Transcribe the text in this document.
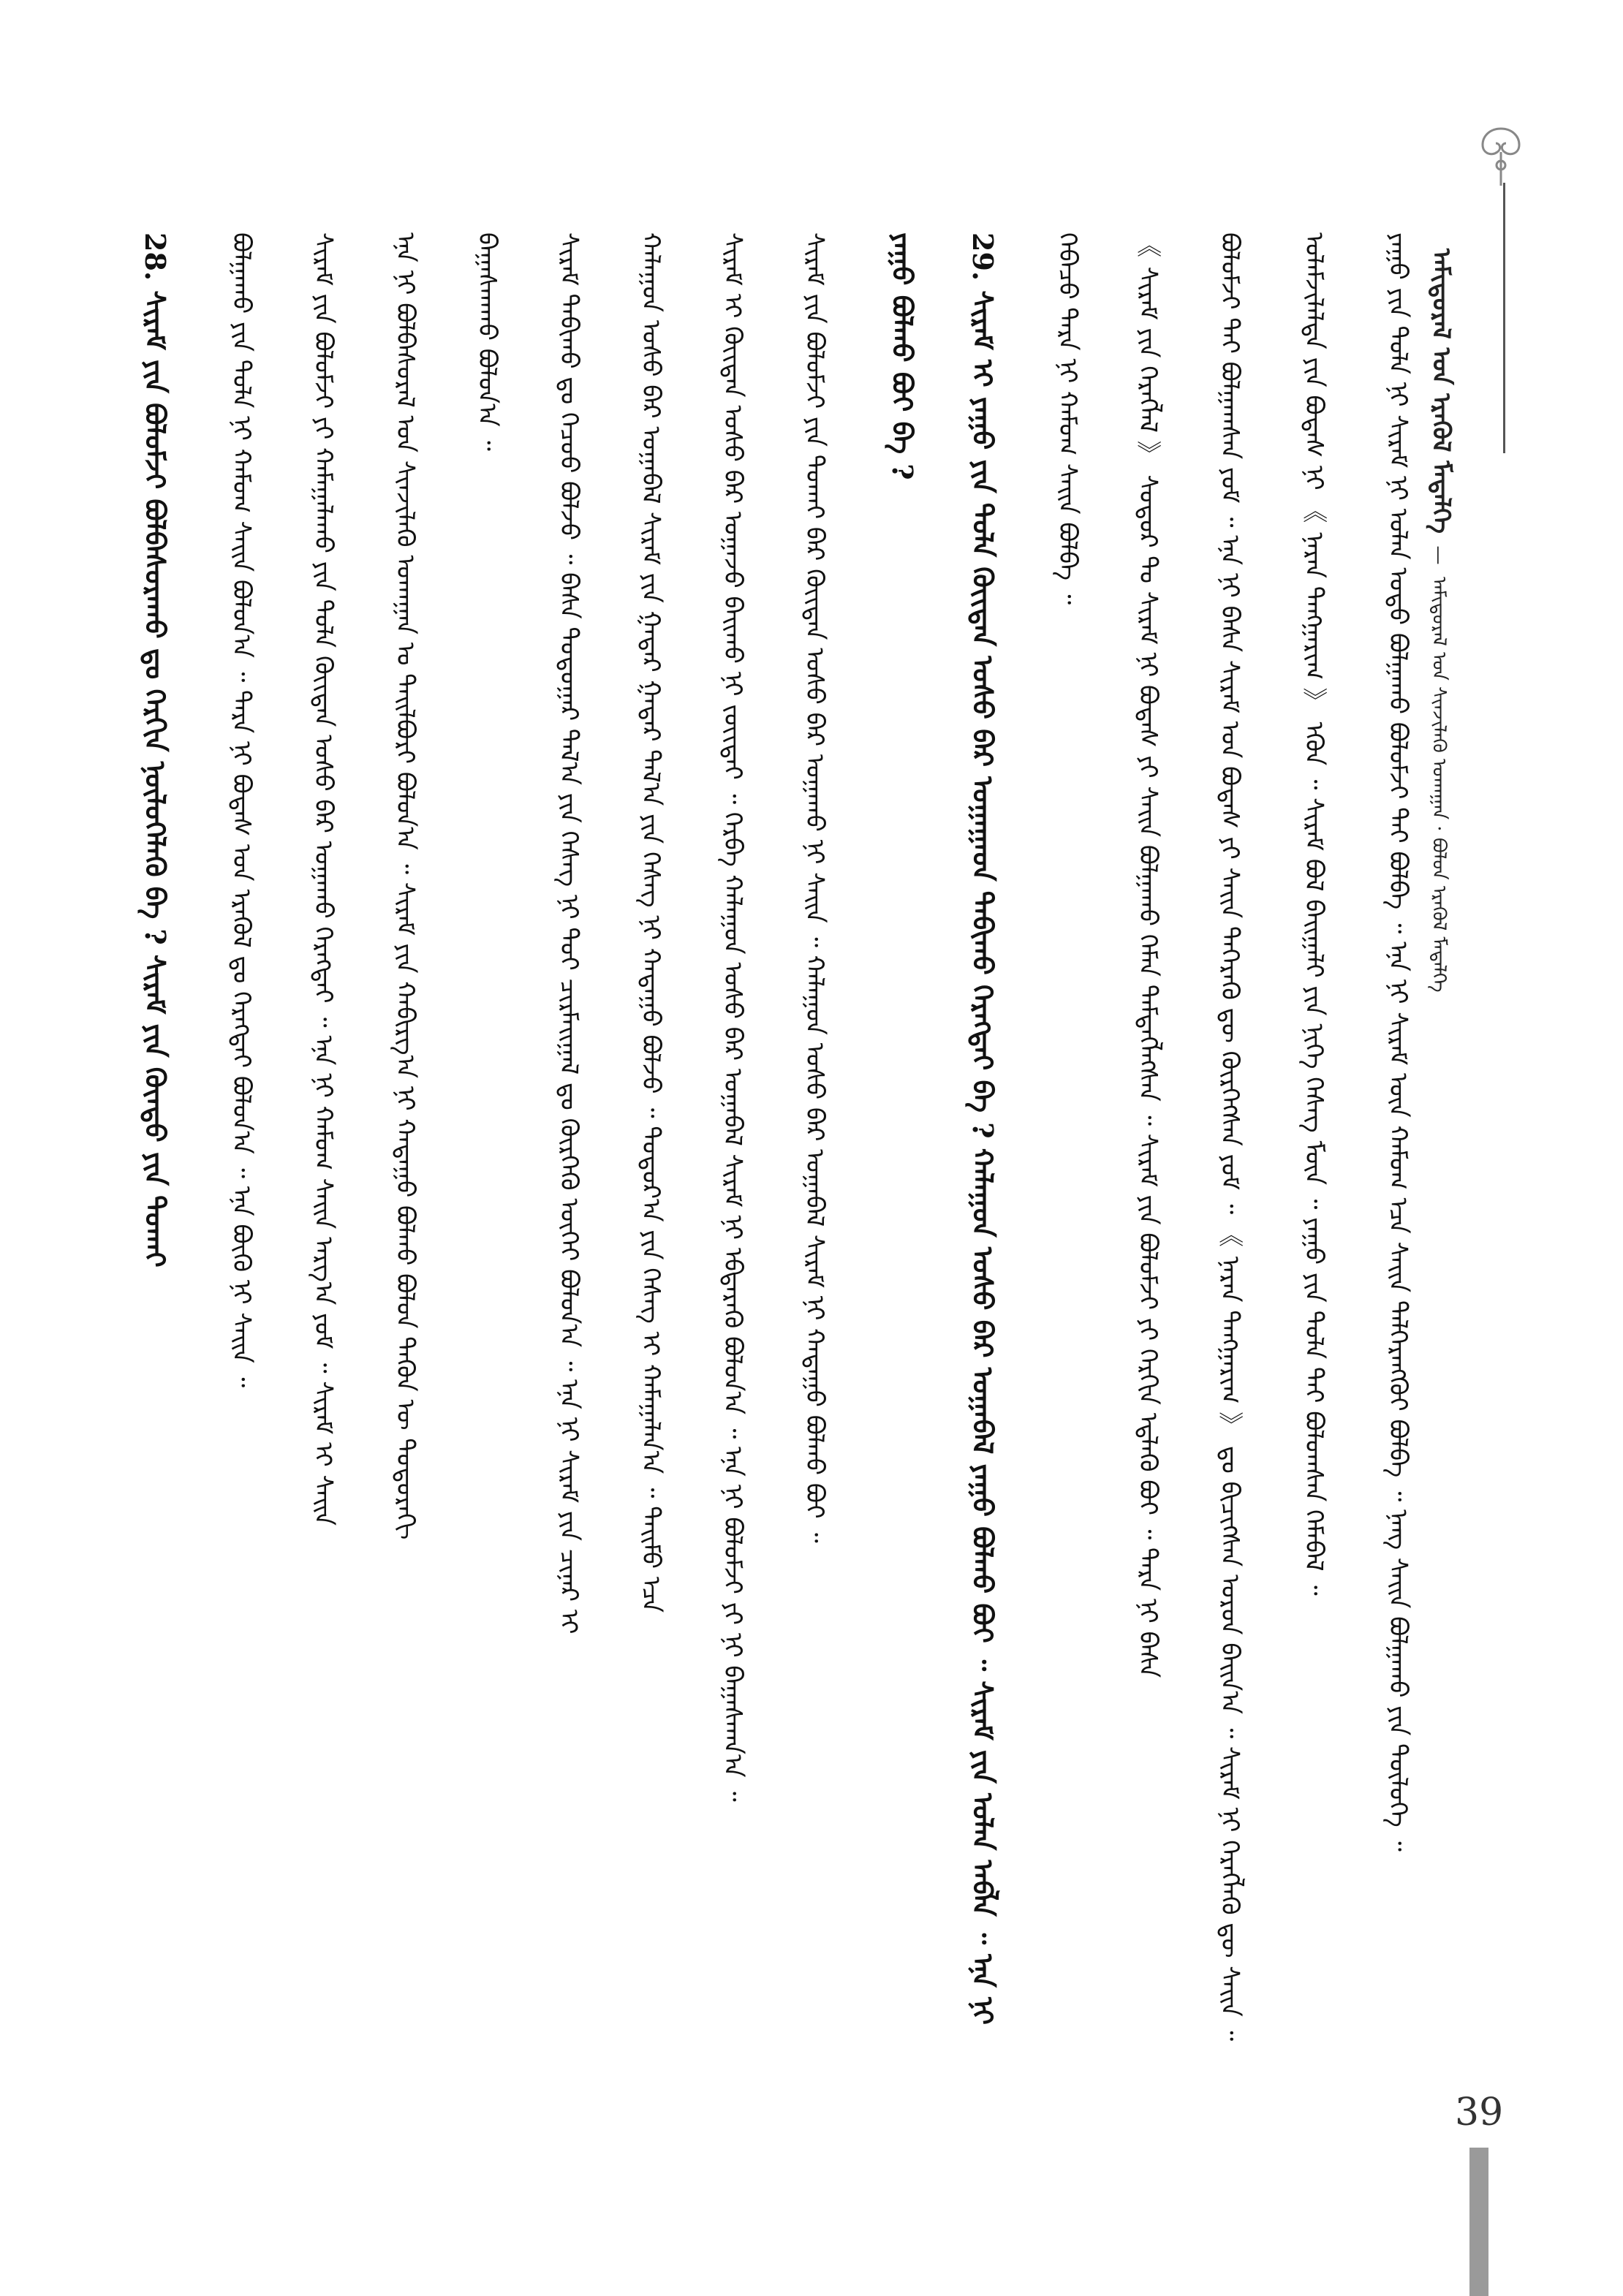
ᠠᠮᠢᠳᠤᠷᠠᠯ ᠤᠨ ᠡᠷᠡᠭᠦᠯ ᠮᠡᠳᠡᠯᠭᠡ  —  ᠠᠮᠢᠳᠤᠷᠠᠯ ᠤᠨ ᠰᠢᠨᠵᠢᠯᠡᠬᠦ ᠤᠬᠠᠭᠠᠨ · ᠪᠣᠯᠤᠨ ᠡᠷᠡᠭᠦᠯ ᠮᠡᠳᠡᠯᠭᠡ
ᠶᠠᠭᠤ ᠶᠢᠨ ᠲᠤᠯᠠ ᠨᠢ ᠰᠢᠷᠠᠮ ᠨᠢ ᠣᠯᠠᠨ ᠣᠳᠣ ᠪᠣᠯᠭᠠᠬᠤ ᠪᠣᠯᠤᠮᠵᠢ ᠲᠠᠢ ᠪᠣᠯᠪᠠ ᠃ ᠡᠨᠡ ᠨᠢ ᠰᠢᠷᠠᠮ ᠦᠨ ᠬᠠᠮᠤᠭ ᠡᠴᠡ ᠰᠠᠢᠨ ᠳᠡᠯᠭᠡᠷᠡᠩᠭᠦᠢ ᠪᠣᠯᠪᠠ ᠃ ᠨᠡᠩ ᠰᠠᠢᠨ ᠪᠣᠯᠭᠠᠬᠤ ᠶᠢᠨ ᠲᠥᠯᠥᠭᠡ ᠃
ᠤᠯᠠᠮᠵᠢᠯᠠᠯᠲᠠ ᠶᠢᠨ ᠪᠣᠳᠠᠰ ᠨᠢ 《 ᠨᠠᠷᠠᠨ ᠲᠠᠩᠭᠠᠷᠢᠭ 》 ᠡᠭᠦᠨ ᠃ ᠰᠢᠷᠠᠮ ᠪᠣᠯ ᠪᠠᠢᠭᠠᠯᠢ ᠶᠢᠨ ᠨᠢᠭᠡ ᠬᠡᠰᠡᠭ ᠮᠥᠨ ᠃ ᠶᠠᠭᠤ ᠶᠢᠨ ᠲᠤᠯᠠ ᠲᠡᠢ ᠪᠣᠯᠤᠭᠰᠠᠨ ᠬᠡᠮᠡᠪᠡᠯ ᠃
ᠪᠣᠯᠤᠮᠵᠢ ᠲᠡᠢ ᠪᠣᠯᠭᠠᠭᠰᠠᠨ ᠶᠤᠮ ᠃ ᠡᠨᠡ ᠨᠢ ᠪᠠᠰᠠ ᠰᠢᠷᠠᠮ ᠤᠨ ᠪᠣᠳᠠᠰ ᠶᠢ ᠰᠠᠢᠨ ᠳᠡᠭᠡᠷᠡᠬᠦ ᠳᠦ ᠬᠦᠷᠭᠡᠭᠰᠡᠨ ᠶᠤᠮ ᠃ 《 ᠨᠠᠷᠠᠨ ᠲᠠᠩᠭᠠᠷᠢᠭ 》 ᠳᠤ ᠪᠢᠴᠢᠭᠰᠡᠨ ᠣᠷᠣᠨ ᠪᠠᠢᠨ᠎ᠠ ᠃ ᠰᠢᠷᠠᠮ ᠨᠢ ᠬᠡᠷᠡᠭᠯᠡᠬᠦ ᠳᠦ ᠰᠠᠢᠨ ᠃
《 ᠰᠢᠷᠠᠮ ᠶᠢᠨ ᠬᠡᠷᠡᠭᠯᠡᠯ 》 ᠰᠣᠳᠤᠷ ᠲᠤ ᠰᠢᠷᠠᠮ ᠨᠢ ᠪᠣᠳᠠᠰ ᠶᠢ ᠰᠠᠢᠨ ᠪᠣᠯᠭᠠᠬᠤ ᠬᠡᠮᠡᠨ ᠲᠡᠮᠳᠡᠭᠯᠡᠭᠰᠡᠨ ᠃ ᠰᠢᠷᠠᠮ ᠶᠢᠨ ᠪᠣᠯᠤᠮᠵᠢ ᠶᠢ ᠬᠡᠷᠬᠢᠨ ᠡᠳ᠋ᠯᠡᠬᠦ ᠪᠣᠢ ᠃ ᠲᠡᠷᠡ ᠨᠢ ᠪᠠᠰᠠ
ᠭᠡᠪᠡᠴᠦ ᠲᠡᠷᠡ ᠨᠢ ᠬᠠᠮᠤᠭ ᠰᠠᠢᠨ ᠪᠣᠯᠪᠠ ᠃
29. ᠰᠢᠷᠠᠮ ᠢ ᠶᠠᠭᠤ ᠶᠢᠨ ᠲᠤᠯᠠ ᠬᠦᠢᠲᠡᠨ ᠤᠰᠤ ᠪᠠᠷ ᠤᠭᠠᠭᠠᠳ ᠲᠠᠪᠢᠬᠤ ᠬᠡᠷᠡᠭᠲᠡᠢ ᠪᠡ ? ᠬᠠᠯᠠᠭᠤᠨ ᠤᠰᠤ ᠪᠠᠷ ᠤᠭᠠᠪᠠᠯ ᠶᠠᠭᠤ ᠪᠣᠯᠬᠤ ᠪᠣᠢ ᠃ ᠰᠢᠷᠠᠮ ᠶᠢᠨ ᠣᠯᠠᠨ ᠠᠪᠯᠠ ᠃ ᠡᠨᠡ ᠨᠢ
ᠶᠠᠭᠤ ᠪᠣᠯᠬᠤ ᠪᠣᠢ ᠪᠡ ?
ᠰᠢᠷᠠᠮ ᠶᠢᠨ ᠪᠣᠯᠤᠮᠵᠢ ᠶᠢᠨ ᠲᠤᠬᠠᠢ ᠪᠠᠷ ᠬᠦᠢᠲᠡᠨ ᠤᠰᠤ ᠪᠠᠷ ᠤᠭᠠᠬᠤ ᠨᠢ ᠰᠠᠢᠨ ᠃ ᠬᠠᠯᠠᠭᠤᠨ ᠤᠰᠤ ᠪᠠᠷ ᠤᠭᠠᠪᠠᠯ ᠰᠢᠷᠠᠮ ᠨᠢ ᠬᠠᠲᠠᠭᠤ ᠪᠣᠯᠬᠤ ᠪᠣᠢ ᠃
ᠰᠢᠷᠠᠮ ᠢ ᠬᠦᠢᠲᠡᠨ ᠤᠰᠤ ᠪᠠᠷ ᠤᠭᠠᠵᠤ ᠪᠠᠢᠬᠤ ᠨᠢ ᠵᠦᠢᠲᠡᠢ ᠃ ᠬᠡᠷᠪᠡ ᠬᠠᠯᠠᠭᠤᠨ ᠤᠰᠤ ᠪᠠᠷ ᠤᠭᠠᠪᠠᠯ ᠰᠢᠷᠠᠮ ᠨᠢ ᠡᠪᠳᠡᠷᠡᠬᠦ ᠪᠣᠯᠤᠨ᠎ᠠ ᠃ ᠡᠨᠡ ᠨᠢ ᠪᠣᠯᠤᠮᠵᠢ ᠶᠢ ᠨᠢ ᠪᠠᠭᠠᠰᠭᠠᠨ᠎ᠠ ᠃
ᠬᠠᠯᠠᠭᠤᠨ ᠤᠰᠤ ᠪᠠᠷ ᠤᠭᠠᠪᠠᠯ ᠰᠢᠷᠠᠮ ᠶᠢᠨ ᠭᠠᠳᠠᠷ ᠭᠠᠳᠠᠷ ᠲᠠᠯ᠎ᠠ ᠶᠢᠨ ᠬᠡᠰᠡᠭ ᠨᠢ ᠬᠠᠲᠠᠭᠤ ᠪᠣᠯᠵᠤ ᠃ ᠳᠣᠲᠣᠷ᠎ᠠ ᠶᠢᠨ ᠬᠡᠰᠡᠭ ᠢ ᠬᠠᠮᠠᠭᠠᠯᠠᠨ᠎ᠠ ᠃ ᠲᠡᠢᠮᠦ ᠡᠴᠡ
ᠰᠢᠷᠠᠮ ᠲᠠᠪᠢᠬᠤ ᠳᠤ ᠬᠡᠴᠦᠦ ᠪᠣᠯᠵᠤ ᠃ ᠪᠠᠰᠠ ᠳᠤᠳᠤᠭᠠᠷ ᠲᠠᠯ᠎ᠠ ᠶᠢᠨ ᠬᠡᠰᠡᠭ ᠨᠢ ᠲᠤᠢ ᠴᠢᠷᠮᠠᠢᠭᠠᠯ ᠳᠤ ᠬᠦᠷᠭᠡᠬᠦ ᠦᠭᠡᠢ ᠪᠣᠯᠤᠨ᠎ᠠ ᠃ ᠡᠨᠡ ᠨᠢ ᠰᠢᠷᠠᠮ ᠶᠢᠨ ᠴᠢᠨᠠᠷ ᠢ
ᠪᠠᠭᠠᠰᠭᠠᠬᠤ ᠪᠣᠯᠤᠨ᠎ᠠ ᠃
ᠡᠨᠡ ᠨᠢ ᠪᠣᠯᠪᠠᠰᠤᠷᠠᠯ ᠤᠨ ᠰᠢᠨᠵᠢᠯᠡᠬᠦ ᠤᠬᠠᠭᠠᠨ ᠤ ᠲᠠᠢᠯᠪᠤᠷᠢ ᠪᠣᠯᠤᠨ᠎ᠠ ᠃ ᠰᠢᠷᠠᠮ ᠶᠢᠨ ᠬᠠᠪᠢᠷᠭ᠎ᠠ ᠨᠢ ᠬᠠᠲᠠᠭᠤ ᠪᠣᠯᠬᠤ ᠪᠣᠯᠤᠨ ᠲᠡᠭᠦᠨ ᠦ ᠳᠣᠲᠣᠷᠠᠬᠢ
ᠰᠢᠷᠠᠮ ᠶᠢᠨ ᠪᠣᠯᠤᠮᠵᠢ ᠶᠢ ᠬᠠᠮᠠᠭᠠᠯᠠᠬᠤ ᠶᠢᠨ ᠲᠤᠯᠠ ᠬᠦᠢᠲᠡᠨ ᠤᠰᠤ ᠪᠠᠷ ᠤᠭᠠᠬᠤ ᠬᠡᠷᠡᠭᠲᠡᠢ ᠃ ᠡᠨᠡ ᠨᠢ ᠬᠠᠮᠤᠭ ᠰᠠᠢᠨ ᠠᠷᠭ᠎ᠠ ᠶᠤᠮ ᠃ ᠰᠢᠷᠠᠮ ᠢ ᠰᠠᠢᠨ
ᠪᠣᠯᠭᠠᠬᠤ ᠶᠢᠨ ᠲᠤᠯᠠ ᠨᠢ ᠬᠠᠮᠤᠭ ᠰᠠᠢᠨ ᠪᠣᠯᠤᠨ᠎ᠠ ᠃ ᠲᠡᠷᠡ ᠨᠢ ᠪᠣᠳᠠᠰ ᠤᠨ ᠡᠷᠡᠭᠦᠯ ᠳᠤ ᠬᠡᠷᠡᠭᠲᠡᠢ ᠪᠣᠯᠤᠨ᠎ᠠ ᠃ ᠡᠨᠡ ᠪᠦᠬᠦ ᠨᠢ ᠰᠠᠢᠨ ᠃
28. ᠰᠢᠷᠠᠮ ᠶᠢᠨ ᠪᠣᠯᠤᠮᠵᠢ ᠪᠣᠯᠪᠠᠰᠤᠷᠠᠬᠤ ᠳᠤ ᠬᠡᠷᠬᠢᠨ ᠨᠥᠯᠦᠭᠡᠯᠡᠬᠦ ᠪᠡ ? ᠰᠢᠷᠠᠮ ᠶᠢᠨ ᠬᠦᠨᠳᠦ ᠶᠢᠨ ᠲᠤᠬᠠᠢ
39
